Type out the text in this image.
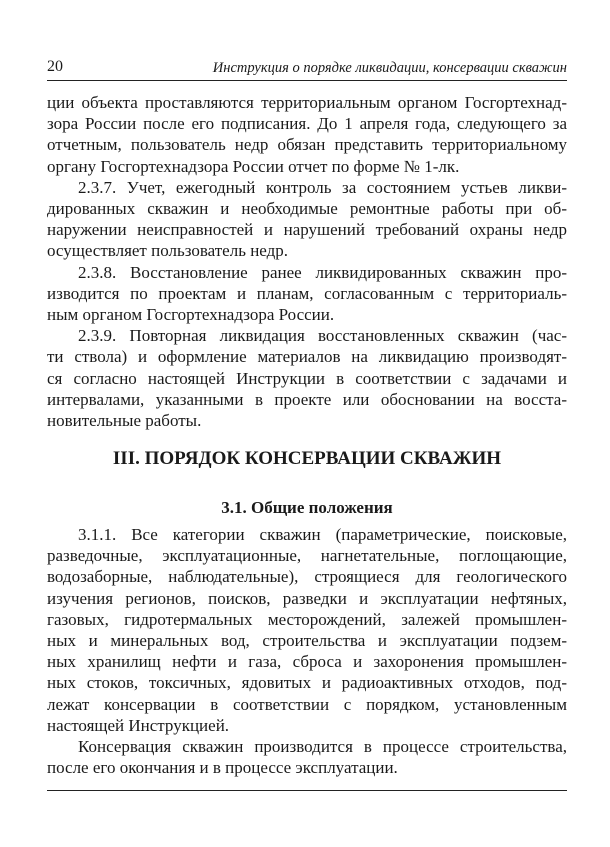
20	Инструкция о порядке ликвидации, консервации скважин
ции объекта проставляются территориальным органом Госгортехнад-
зора России после его подписания. До 1 апреля года, следующего за
отчетным, пользователь недр обязан представить территориальному
органу Госгортехнадзора России отчет по форме № 1-лк.
2.3.7. Учет, ежегодный контроль за состоянием устьев ликви-
дированных скважин и необходимые ремонтные работы при об-
наружении неисправностей и нарушений требований охраны недр
осуществляет пользователь недр.
2.3.8. Восстановление ранее ликвидированных скважин про-
изводится по проектам и планам, согласованным с территориаль-
ным органом Госгортехнадзора России.
2.3.9. Повторная ликвидация восстановленных скважин (час-
ти ствола) и оформление материалов на ликвидацию производят-
ся согласно настоящей Инструкции в соответствии с задачами и
интервалами, указанными в проекте или обосновании на восста-
новительные работы.
III. ПОРЯДОК КОНСЕРВАЦИИ СКВАЖИН
3.1. Общие положения
3.1.1. Все категории скважин (параметрические, поисковые,
разведочные, эксплуатационные, нагнетательные, поглощающие,
водозаборные, наблюдательные), строящиеся для геологического
изучения регионов, поисков, разведки и эксплуатации нефтяных,
газовых, гидротермальных месторождений, залежей промышлен-
ных и минеральных вод, строительства и эксплуатации подзем-
ных хранилищ нефти и газа, сброса и захоронения промышлен-
ных стоков, токсичных, ядовитых и радиоактивных отходов, под-
лежат консервации в соответствии с порядком, установленным
настоящей Инструкцией.
Консервация скважин производится в процессе строительства,
после его окончания и в процессе эксплуатации.
